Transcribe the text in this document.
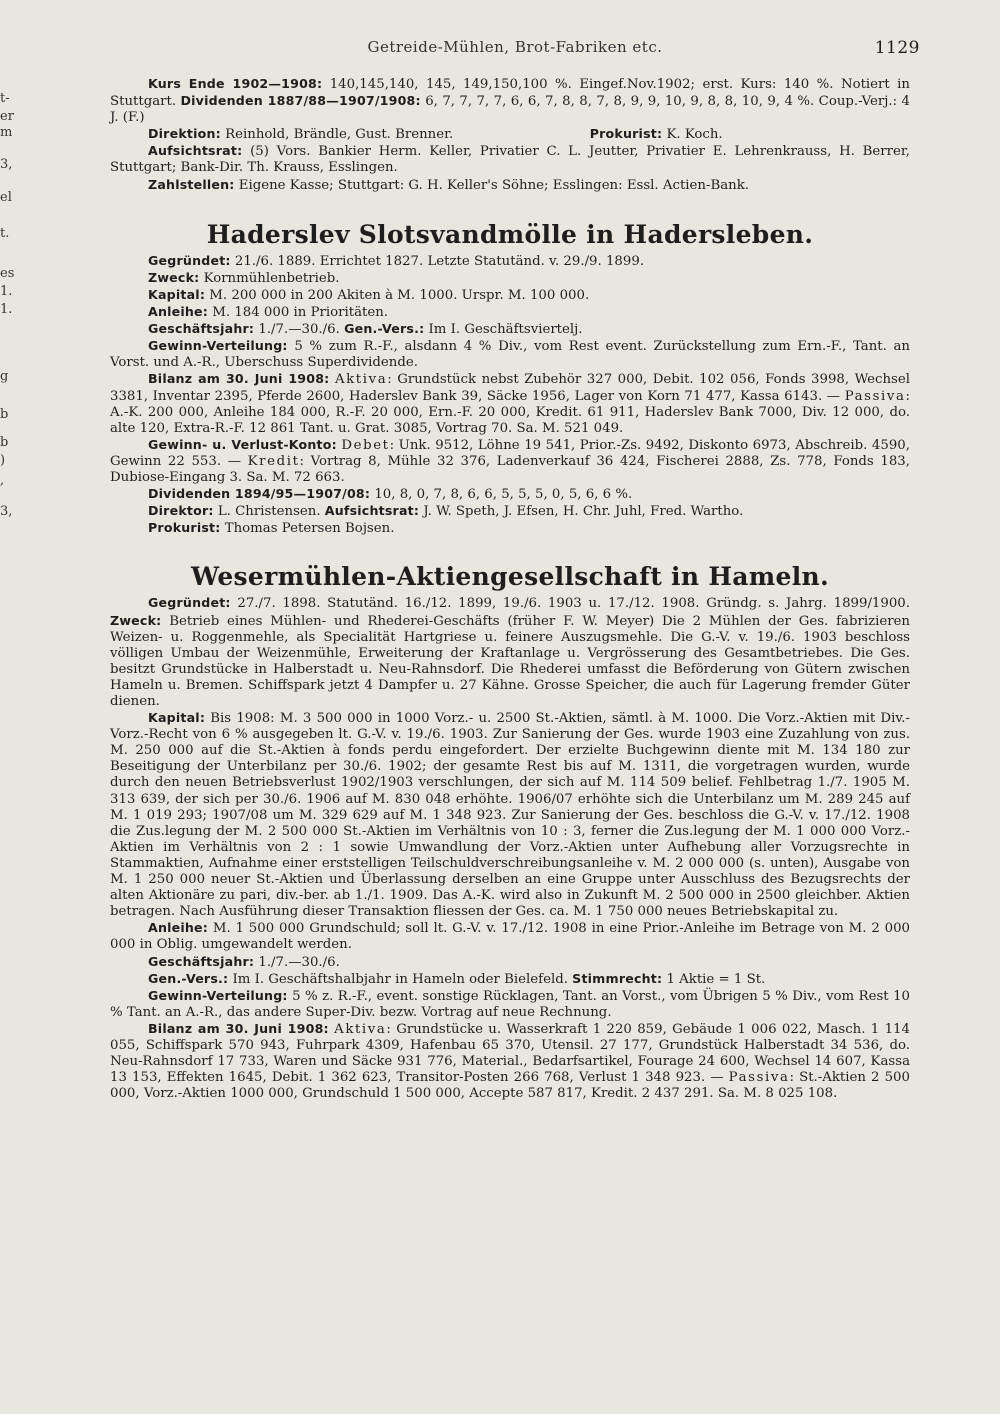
t-
er
m
3,
el
t.
es
1.
1.
g
b
b
)
,
3,
Getreide-Mühlen, Brot-Fabriken etc.	1129

Kurs Ende 1902—1908: 140,145,140, 145, 149,150,100 %. Eingef.Nov.1902; erst. Kurs: 140 %. Notiert in Stuttgart. Dividenden 1887/88—1907/1908: 6, 7, 7, 7, 7, 6, 6, 7, 8, 8, 7, 8, 9, 9, 10, 9, 8, 8, 10, 9, 4 %. Coup.-Verj.: 4 J. (F.)

Direktion: Reinhold, Brändle, Gust. Brenner.	Prokurist: K. Koch.

Aufsichtsrat: (5) Vors. Bankier Herm. Keller, Privatier C. L. Jeutter, Privatier E. Lehrenkrauss, H. Berrer, Stuttgart; Bank-Dir. Th. Krauss, Esslingen.

Zahlstellen: Eigene Kasse; Stuttgart: G. H. Keller's Söhne; Esslingen: Essl. Actien-Bank.

Haderslev Slotsvandmölle in Hadersleben.

Gegründet: 21./6. 1889. Errichtet 1827. Letzte Statutänd. v. 29./9. 1899.

Zweck: Kornmühlenbetrieb.

Kapital: M. 200 000 in 200 Akiten à M. 1000. Urspr. M. 100 000.

Anleihe: M. 184 000 in Prioritäten.

Geschäftsjahr: 1./7.—30./6. Gen.-Vers.: Im I. Geschäftsviertelj.

Gewinn-Verteilung: 5 % zum R.-F., alsdann 4 % Div., vom Rest event. Zurückstellung zum Ern.-F., Tant. an Vorst. und A.-R., Uberschuss Superdividende.

Bilanz am 30. Juni 1908: Aktiva: Grundstück nebst Zubehör 327 000, Debit. 102 056, Fonds 3998, Wechsel 3381, Inventar 2395, Pferde 2600, Haderslev Bank 39, Säcke 1956, Lager von Korn 71 477, Kassa 6143. — Passiva: A.-K. 200 000, Anleihe 184 000, R.-F. 20 000, Ern.-F. 20 000, Kredit. 61 911, Haderslev Bank 7000, Div. 12 000, do. alte 120, Extra-R.-F. 12 861 Tant. u. Grat. 3085, Vortrag 70. Sa. M. 521 049.

Gewinn- u. Verlust-Konto: Debet: Unk. 9512, Löhne 19 541, Prior.-Zs. 9492, Diskonto 6973, Abschreib. 4590, Gewinn 22 553. — Kredit: Vortrag 8, Mühle 32 376, Ladenverkauf 36 424, Fischerei 2888, Zs. 778, Fonds 183, Dubiose-Eingang 3. Sa. M. 72 663.

Dividenden 1894/95—1907/08: 10, 8, 0, 7, 8, 6, 6, 5, 5, 5, 0, 5, 6, 6 %.

Direktor: L. Christensen. Aufsichtsrat: J. W. Speth, J. Efsen, H. Chr. Juhl, Fred. Wartho.

Prokurist: Thomas Petersen Bojsen.

Wesermühlen-Aktiengesellschaft in Hameln.

Gegründet: 27./7. 1898. Statutänd. 16./12. 1899, 19./6. 1903 u. 17./12. 1908. Gründg. s. Jahrg. 1899/1900. Zweck: Betrieb eines Mühlen- und Rhederei-Geschäfts (früher F. W. Meyer) Die 2 Mühlen der Ges. fabrizieren Weizen- u. Roggenmehle, als Specialität Hartgriese u. feinere Auszugsmehle. Die G.-V. v. 19./6. 1903 beschloss völligen Umbau der Weizenmühle, Erweiterung der Kraftanlage u. Vergrösserung des Gesamtbetriebes. Die Ges. besitzt Grundstücke in Halberstadt u. Neu-Rahnsdorf. Die Rhederei umfasst die Beförderung von Gütern zwischen Hameln u. Bremen. Schiffspark jetzt 4 Dampfer u. 27 Kähne. Grosse Speicher, die auch für Lagerung fremder Güter dienen.

Kapital: Bis 1908: M. 3 500 000 in 1000 Vorz.- u. 2500 St.-Aktien, sämtl. à M. 1000. Die Vorz.-Aktien mit Div.-Vorz.-Recht von 6 % ausgegeben lt. G.-V. v. 19./6. 1903. Zur Sanierung der Ges. wurde 1903 eine Zuzahlung von zus. M. 250 000 auf die St.-Aktien à fonds perdu eingefordert. Der erzielte Buchgewinn diente mit M. 134 180 zur Beseitigung der Unterbilanz per 30./6. 1902; der gesamte Rest bis auf M. 1311, die vorgetragen wurden, wurde durch den neuen Betriebsverlust 1902/1903 verschlungen, der sich auf M. 114 509 belief. Fehlbetrag 1./7. 1905 M. 313 639, der sich per 30./6. 1906 auf M. 830 048 erhöhte. 1906/07 erhöhte sich die Unterbilanz um M. 289 245 auf M. 1 019 293; 1907/08 um M. 329 629 auf M. 1 348 923. Zur Sanierung der Ges. beschloss die G.-V. v. 17./12. 1908 die Zus.legung der M. 2 500 000 St.-Aktien im Verhältnis von 10 : 3, ferner die Zus.legung der M. 1 000 000 Vorz.-Aktien im Verhältnis von 2 : 1 sowie Umwandlung der Vorz.-Aktien unter Aufhebung aller Vorzugsrechte in Stammaktien, Aufnahme einer erststelligen Teilschuldverschreibungsanleihe v. M. 2 000 000 (s. unten), Ausgabe von M. 1 250 000 neuer St.-Aktien und Überlassung derselben an eine Gruppe unter Ausschluss des Bezugsrechts der alten Aktionäre zu pari, div.-ber. ab 1./1. 1909. Das A.-K. wird also in Zukunft M. 2 500 000 in 2500 gleichber. Aktien betragen. Nach Ausführung dieser Transaktion fliessen der Ges. ca. M. 1 750 000 neues Betriebskapital zu.

Anleihe: M. 1 500 000 Grundschuld; soll lt. G.-V. v. 17./12. 1908 in eine Prior.-Anleihe im Betrage von M. 2 000 000 in Oblig. umgewandelt werden.

Geschäftsjahr: 1./7.—30./6.

Gen.-Vers.: Im I. Geschäftshalbjahr in Hameln oder Bielefeld. Stimmrecht: 1 Aktie = 1 St.

Gewinn-Verteilung: 5 % z. R.-F., event. sonstige Rücklagen, Tant. an Vorst., vom Übrigen 5 % Div., vom Rest 10 % Tant. an A.-R., das andere Super-Div. bezw. Vortrag auf neue Rechnung.

Bilanz am 30. Juni 1908: Aktiva: Grundstücke u. Wasserkraft 1 220 859, Gebäude 1 006 022, Masch. 1 114 055, Schiffspark 570 943, Fuhrpark 4309, Hafenbau 65 370, Utensil. 27 177, Grundstück Halberstadt 34 536, do. Neu-Rahnsdorf 17 733, Waren und Säcke 931 776, Material., Bedarfsartikel, Fourage 24 600, Wechsel 14 607, Kassa 13 153, Effekten 1645, Debit. 1 362 623, Transitor-Posten 266 768, Verlust 1 348 923. — Passiva: St.-Aktien 2 500 000, Vorz.-Aktien 1000 000, Grundschuld 1 500 000, Accepte 587 817, Kredit. 2 437 291. Sa. M. 8 025 108.
